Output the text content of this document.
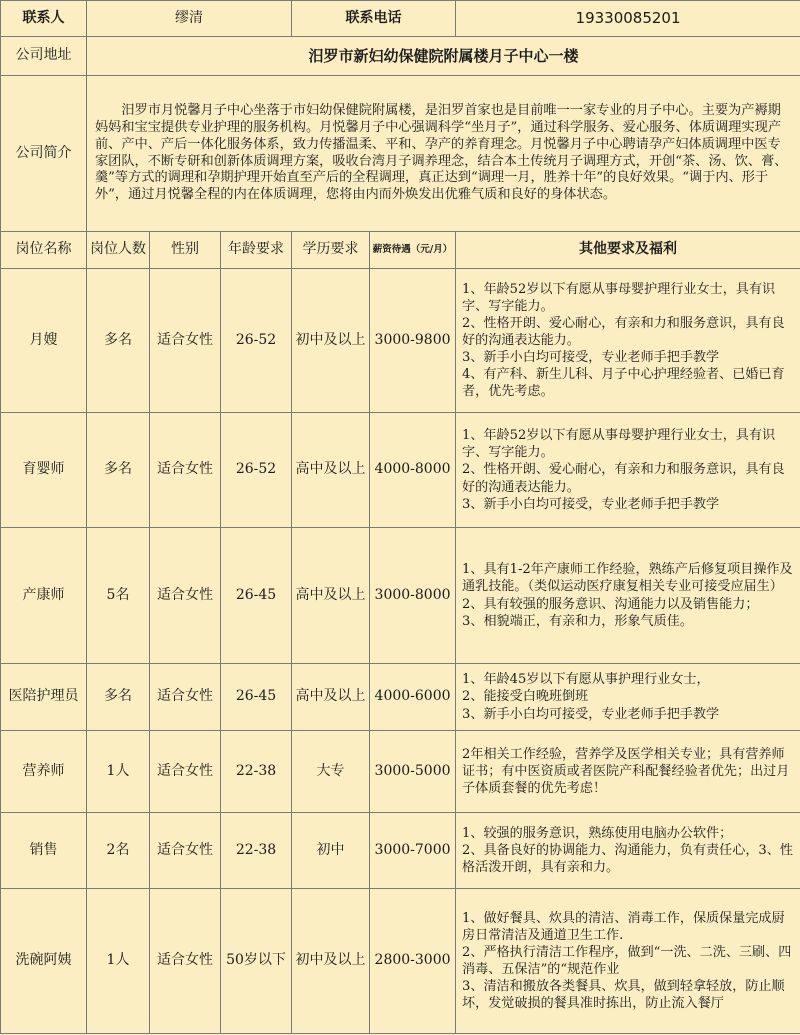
联系人	缪清			联系电话		19330085201
公司地址	汨罗市新妇幼保健院附属楼月子中心一楼					
公司简介	汨罗市月悦馨月子中心坐落于市妇幼保健院附属楼，是汨罗首家也是目前唯一一家专业的月子中心。主要为产褥期妈妈和宝宝提供专业护理的服务机构。月悦馨月子中心强调科学“坐月子”，通过科学服务、爱心服务、体质调理实现产前、产中、产后一体化服务体系，致力传播温柔、平和、孕产的养育理念。月悦馨月子中心聘请孕产妇体质调理中医专家团队，不断专研和创新体质调理方案，吸收台湾月子调养理念，结合本土传统月子调理方式，开创“茶、汤、饮、膏、羹”等方式的调理和孕期护理开始直至产后的全程调理，真正达到“调理一月，胜养十年”的良好效果。“调于内、形于外”，通过月悦馨全程的内在体质调理，您将由内而外焕发出优雅气质和良好的身体状态。					

岗位名称	岗位人数	性别	年龄要求	学历要求	薪资待遇（元/月）	其他要求及福利
月嫂	多名	适合女性	26-52	初中及以上	3000-9800	1、年龄52岁以下有愿从事母婴护理行业女士，具有识字、写字能力。
2、性格开朗、爱心耐心，有亲和力和服务意识，具有良好的沟通表达能力。
3、新手小白均可接受，专业老师手把手教学
4、有产科、新生儿科、月子中心护理经验者、已婚已育者，优先考虑。

育婴师	多名	适合女性	26-52	高中及以上	4000-8000	1、年龄52岁以下有愿从事母婴护理行业女士，具有识字、写字能力。
2、性格开朗、爱心耐心，有亲和力和服务意识，具有良好的沟通表达能力。
3、新手小白均可接受，专业老师手把手教学

产康师	5名	适合女性	26-45	高中及以上	3000-8000	1、具有1-2年产康师工作经验，熟练产后修复项目操作及通乳技能。（类似运动医疗康复相关专业可接受应届生）
2、具有较强的服务意识、沟通能力以及销售能力；
3、相貌端正，有亲和力，形象气质佳。

医陪护理员	多名	适合女性	26-45	高中及以上	4000-6000	1、年龄45岁以下有愿从事护理行业女士，
2、能接受白晚班倒班
3、新手小白均可接受，专业老师手把手教学

营养师	1人	适合女性	22-38	大专	3000-5000	2年相关工作经验，营养学及医学相关专业；具有营养师证书；有中医资质或者医院产科配餐经验者优先；出过月子体质套餐的优先考虑！

销售	2名	适合女性	22-38	初中	3000-7000	1、较强的服务意识，熟练使用电脑办公软件；
2、具备良好的协调能力、沟通能力，负有责任心，3、性格活泼开朗，具有亲和力。

洗碗阿姨	1人	适合女性	50岁以下	初中及以上	2800-3000	1、做好餐具、炊具的清洁、消毒工作，保质保量完成厨房日常清洁及通道卫生工作.
2、严格执行清洁工作程序，做到“一洗、二洗、三刷、四消毒、五保洁”的“规范作业
3、清洁和搬放各类餐具、炊具，做到轻拿轻放，防止顺坏，发觉破损的餐具准时拣出，防止流入餐厅
